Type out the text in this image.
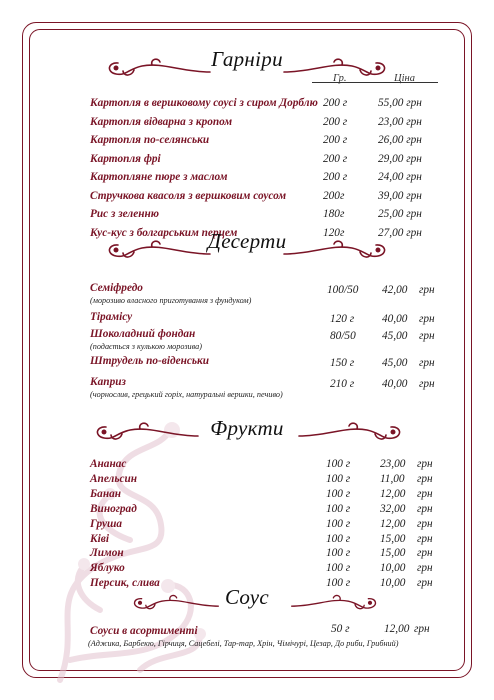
Гарніри
Гр.	Ціна
Картопля в вершковому соусі з сиром Дорблю 200 г	55,00 грн
Картопля відварна з кропом	200 г	23,00 грн
Картопля по-селянськи	200 г	26,00 грн
Картопля фрі	200 г	29,00 грн
Картопляне пюре з маслом	200 г	24,00 грн
Стручкова квасоля з вершковим соусом	200г	39,00 грн
Рис з зеленню	180г	25,00 грн
Кус-кус з болгарським перцем	120г	27,00 грн
Десерти
Семіфредо
(морозиво власного приготування з фундуком)
100/50 42,00 грн
Тірамісу	120 г 40,00 грн
Шоколадний фондан
(подається з кулькою морозива)
80/50 45,00 грн
Штрудель по-віденськи	150 г 45,00 грн
Каприз
(чорнослив, грецький горіх, натуральні вершки, печиво)
210 г 40,00 грн
Фрукти
Ананас	100 г	23,00 грн
Апельсин	100 г	11,00 грн
Банан	100 г	12,00 грн
Виноград	100 г	32,00 грн
Груша	100 г	12,00 грн
Ківі	100 г	15,00 грн
Лимон	100 г	15,00 грн
Яблуко	100 г	10,00 грн
Персик, слива	100 г	10,00 грн
Соус
Соуси в асортименті	50 г	12,00 грн
(Аджика, Барбекю, Гірчиця, Сацебелі, Тар-тар, Хрін, Чімічурі, Цезар, До риби, Грибний)
